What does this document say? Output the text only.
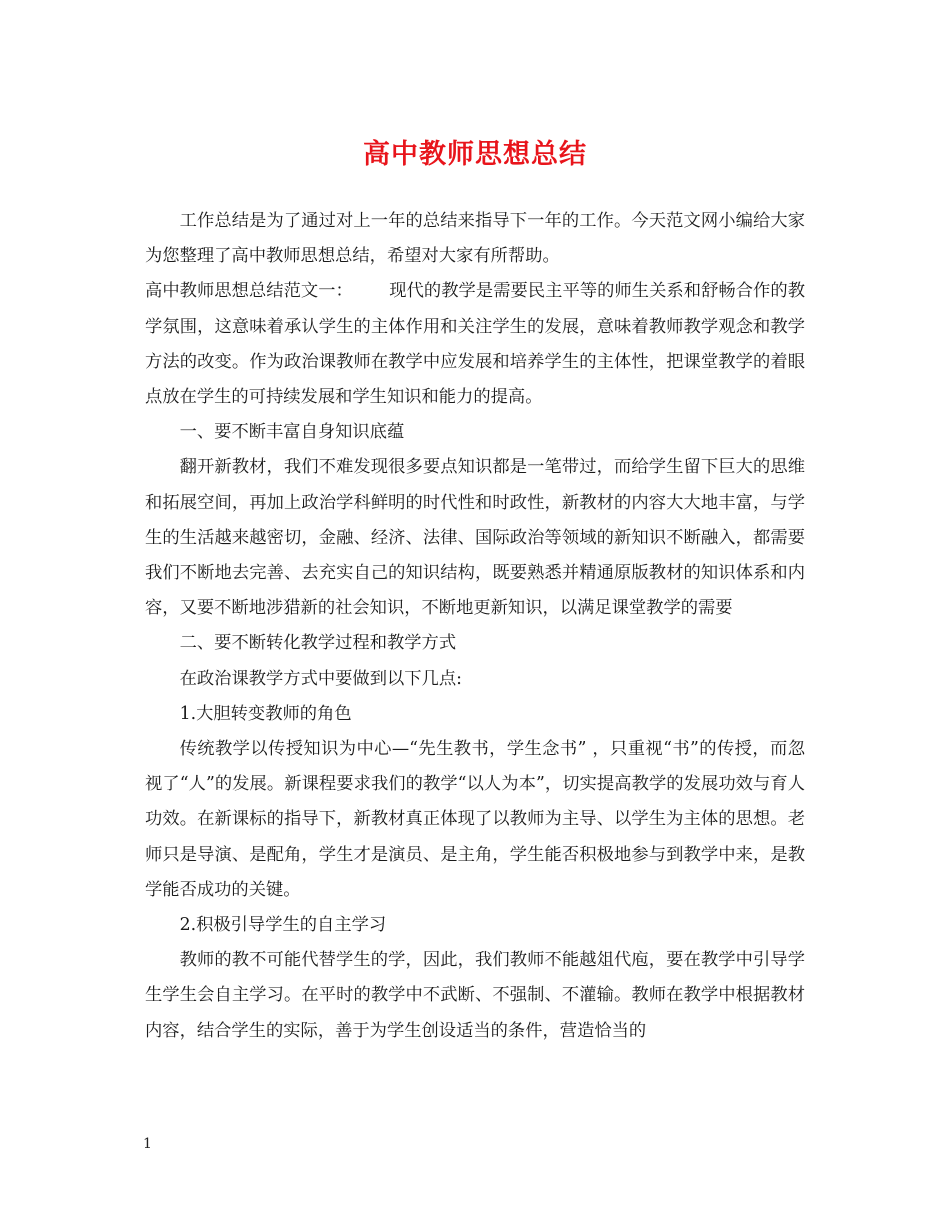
高中教师思想总结

工作总结是为了通过对上一年的总结来指导下一年的工作。今天范文网小编给大家为您整理了高中教师思想总结，希望对大家有所帮助。

高中教师思想总结范文一： 现代的教学是需要民主平等的师生关系和舒畅合作的教学氛围，这意味着承认学生的主体作用和关注学生的发展，意味着教师教学观念和教学方法的改变。作为政治课教师在教学中应发展和培养学生的主体性，把课堂教学的着眼点放在学生的可持续发展和学生知识和能力的提高。

一、要不断丰富自身知识底蕴

翻开新教材，我们不难发现很多要点知识都是一笔带过，而给学生留下巨大的思维和拓展空间，再加上政治学科鲜明的时代性和时政性，新教材的内容大大地丰富，与学生的生活越来越密切，金融、经济、法律、国际政治等领域的新知识不断融入，都需要我们不断地去完善、去充实自己的知识结构，既要熟悉并精通原版教材的知识体系和内容，又要不断地涉猎新的社会知识，不断地更新知识，以满足课堂教学的需要

二、要不断转化教学过程和教学方式

在政治课教学方式中要做到以下几点:

1.大胆转变教师的角色

传统教学以传授知识为中心—“先生教书，学生念书” ，只重视“书”的传授，而忽视了“人”的发展。新课程要求我们的教学“以人为本”，切实提高教学的发展功效与育人功效。在新课标的指导下，新教材真正体现了以教师为主导、以学生为主体的思想。老师只是导演、是配角，学生才是演员、是主角，学生能否积极地参与到教学中来，是教学能否成功的关键。

2.积极引导学生的自主学习

教师的教不可能代替学生的学，因此，我们教师不能越俎代庖，要在教学中引导学生学生会自主学习。在平时的教学中不武断、不强制、不灌输。教师在教学中根据教材内容，结合学生的实际，善于为学生创设适当的条件，营造恰当的

1
